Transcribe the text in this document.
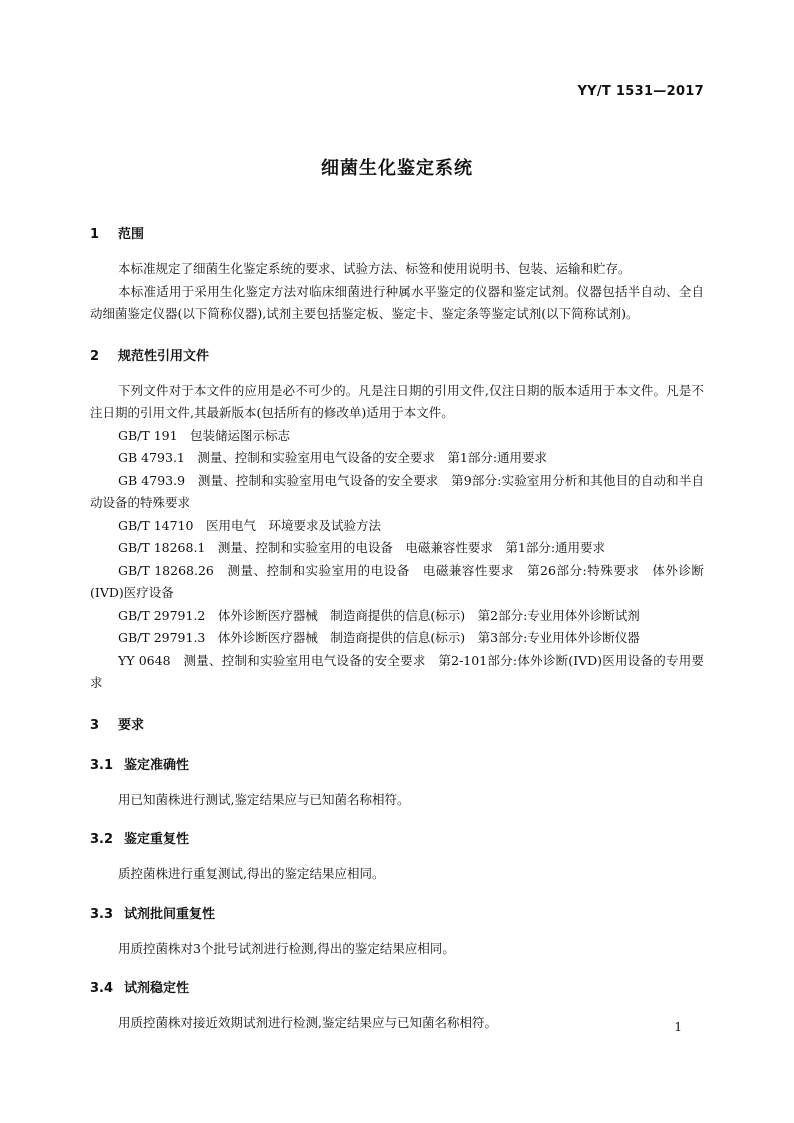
YY/T 1531—2017
细菌生化鉴定系统
1 范围

本标准规定了细菌生化鉴定系统的要求、试验方法、标签和使用说明书、包装、运输和贮存。

本标准适用于采用生化鉴定方法对临床细菌进行种属水平鉴定的仪器和鉴定试剂。仪器包括半自动、全自动细菌鉴定仪器(以下简称仪器),试剂主要包括鉴定板、鉴定卡、鉴定条等鉴定试剂(以下简称试剂)。

2 规范性引用文件

下列文件对于本文件的应用是必不可少的。凡是注日期的引用文件,仅注日期的版本适用于本文件。凡是不注日期的引用文件,其最新版本(包括所有的修改单)适用于本文件。

GB/T 191　包装储运图示标志

GB 4793.1　测量、控制和实验室用电气设备的安全要求　第1部分:通用要求

GB 4793.9　测量、控制和实验室用电气设备的安全要求　第9部分:实验室用分析和其他目的自动和半自动设备的特殊要求

GB/T 14710　医用电气　环境要求及试验方法

GB/T 18268.1　测量、控制和实验室用的电设备　电磁兼容性要求　第1部分:通用要求

GB/T 18268.26　测量、控制和实验室用的电设备　电磁兼容性要求　第26部分:特殊要求　体外诊断(IVD)医疗设备

GB/T 29791.2　体外诊断医疗器械　制造商提供的信息(标示)　第2部分:专业用体外诊断试剂

GB/T 29791.3　体外诊断医疗器械　制造商提供的信息(标示)　第3部分:专业用体外诊断仪器

YY 0648　测量、控制和实验室用电气设备的安全要求　第2-101部分:体外诊断(IVD)医用设备的专用要求

3 要求
3.1 鉴定准确性

用已知菌株进行测试,鉴定结果应与已知菌名称相符。

3.2 鉴定重复性

质控菌株进行重复测试,得出的鉴定结果应相同。

3.3 试剂批间重复性

用质控菌株对3个批号试剂进行检测,得出的鉴定结果应相同。

3.4 试剂稳定性

用质控菌株对接近效期试剂进行检测,鉴定结果应与已知菌名称相符。	1
